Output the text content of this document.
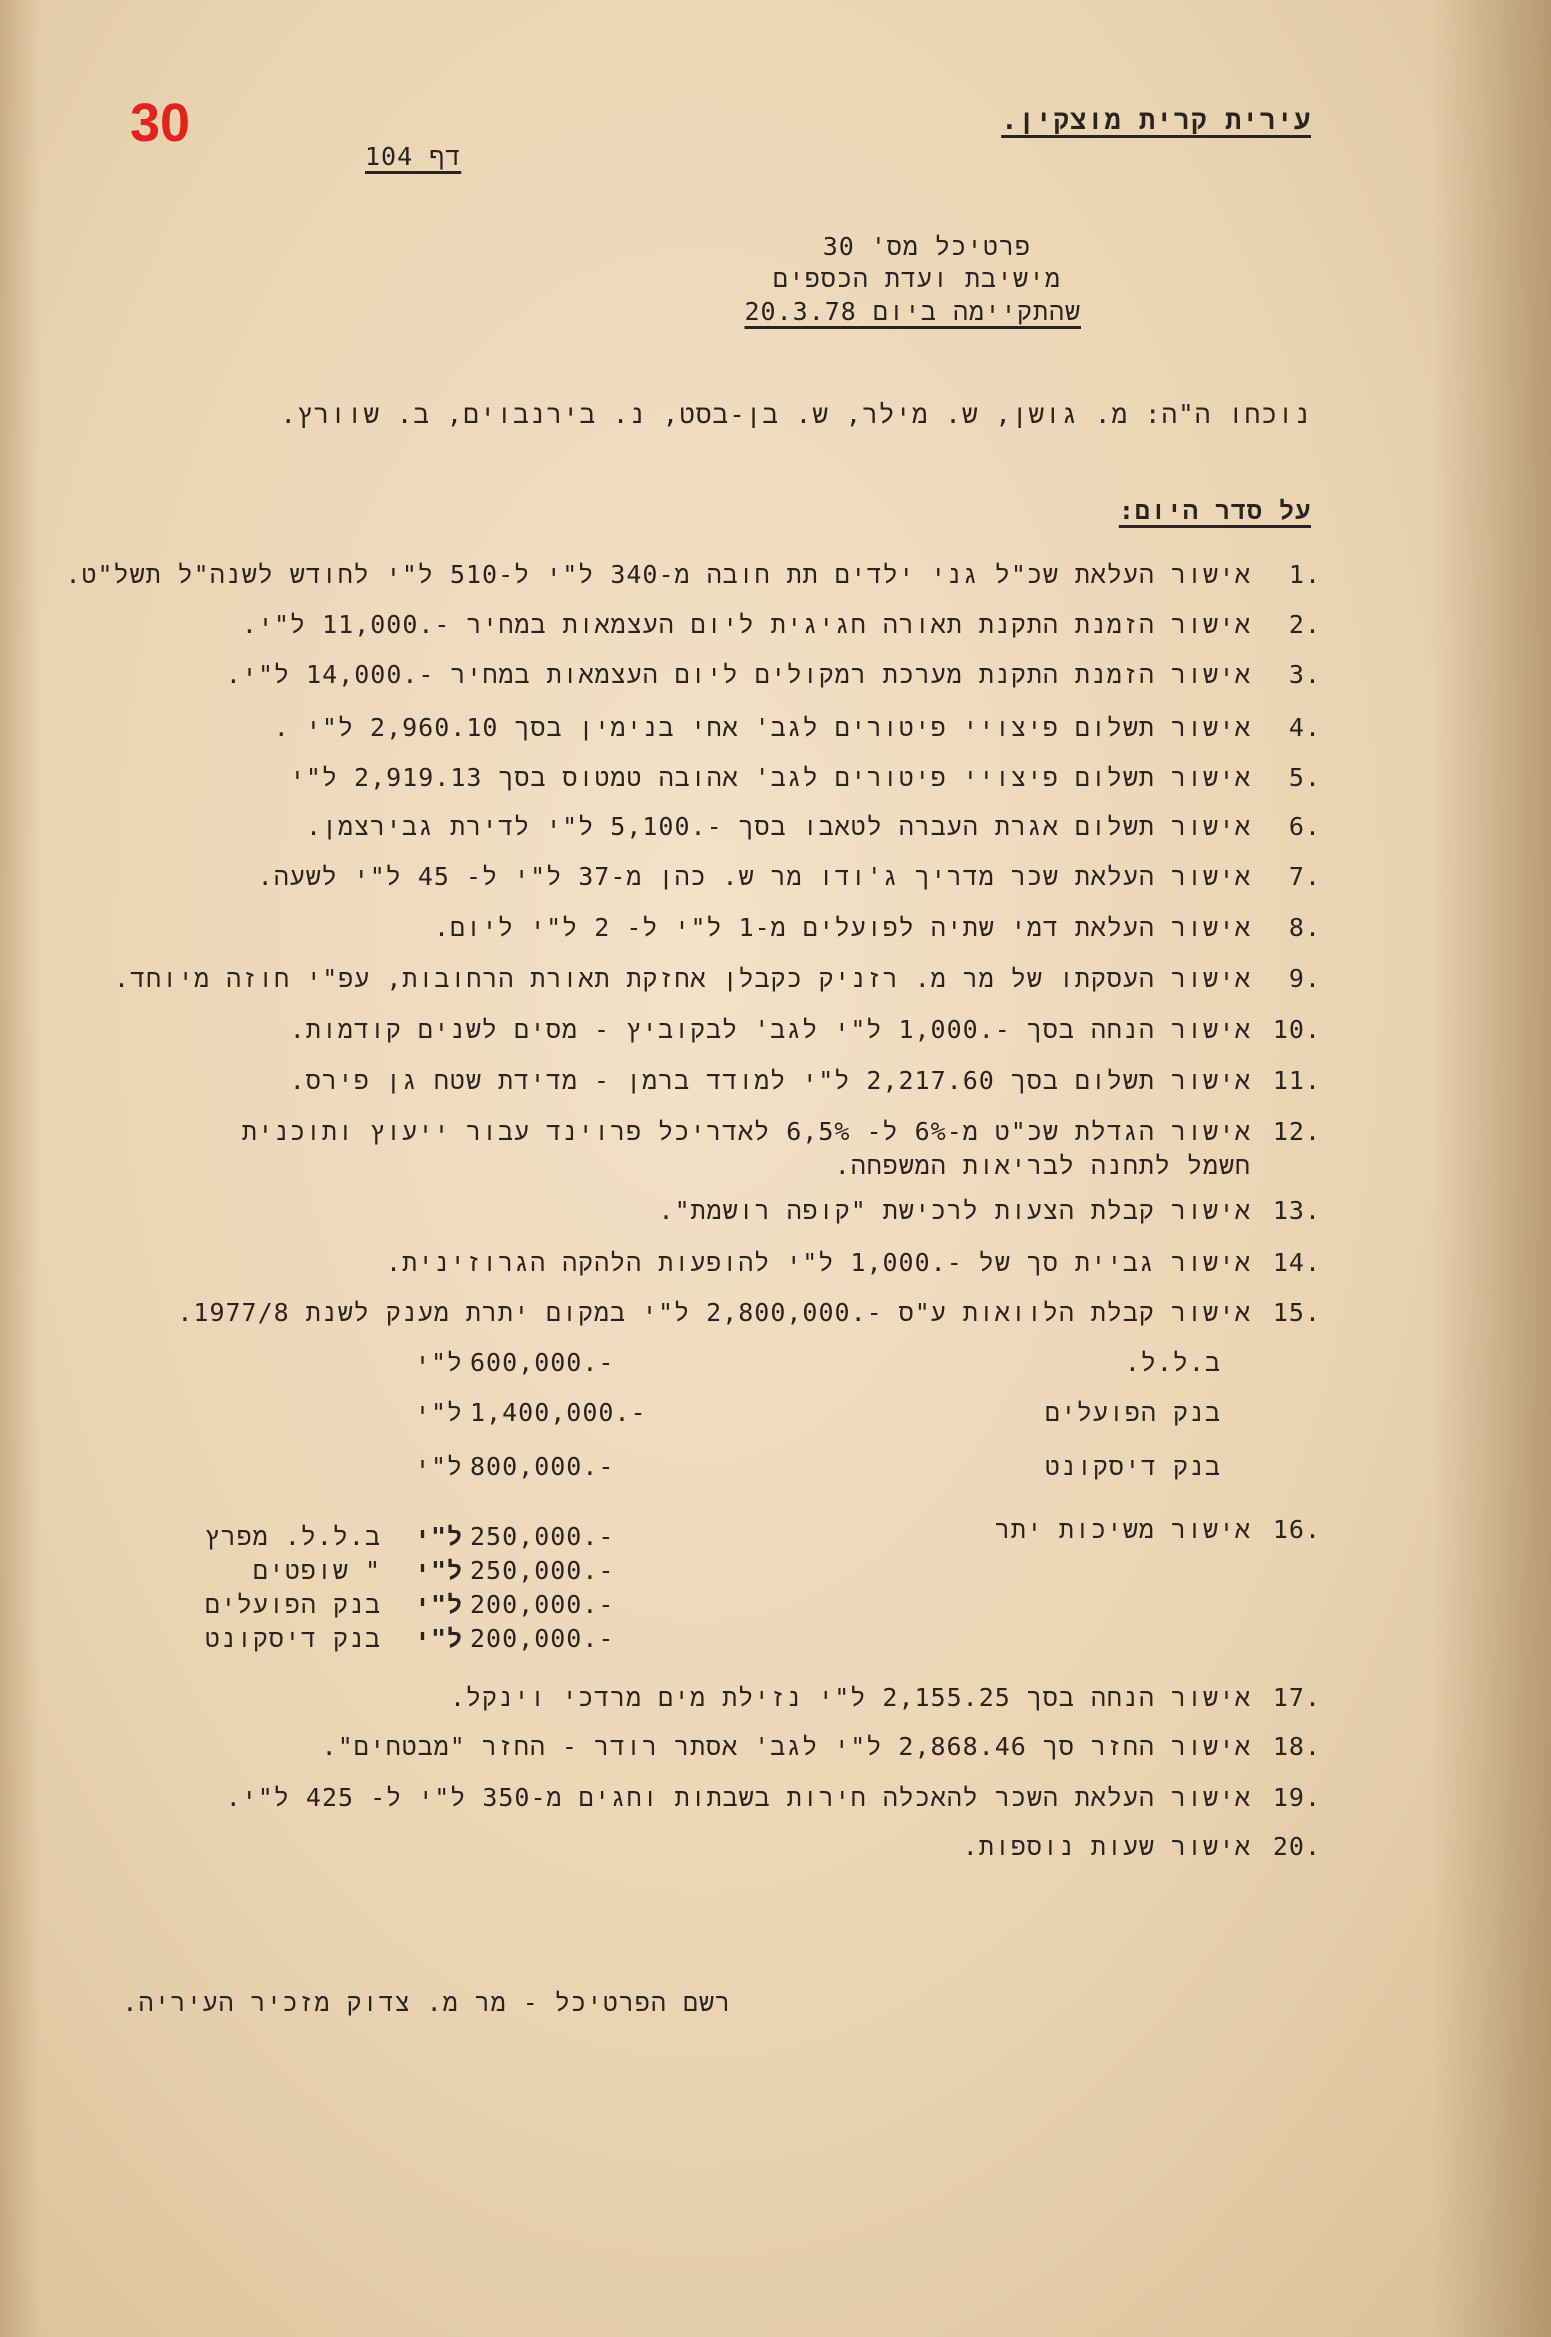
30	עירית קרית מוצקין.
דף 104
פרטיכל מס' 30
מישיבת ועדת הכספים
שהתקיימה ביום 20.3.78
נוכחו ה"ה: מ. גושן, ש. מילר, ש. בן-בסט, נ. בירנבוים, ב. שוורץ.
על סדר היום:
1.
אישור העלאת שכ"ל גני ילדים תת חובה מ-340 ל"י ל-510 ל"י לחודש לשנה"ל תשל"ט.
2.
אישור הזמנת התקנת תאורה חגיגית ליום העצמאות במחיר -.11,000 ל"י.
3.
אישור הזמנת התקנת מערכת רמקולים ליום העצמאות במחיר -.14,000 ל"י.
4.
אישור תשלום פיצויי פיטורים לגב' אחי בנימין בסך 2,960.10 ל"י .
5.
אישור תשלום פיצויי פיטורים לגב' אהובה טמטוס בסך 2,919.13 ל"י
6.
אישור תשלום אגרת העברה לטאבו בסך -.5,100 ל"י לדירת גבירצמן.
7.
אישור העלאת שכר מדריך ג'ודו מר ש. כהן מ-37 ל"י ל- 45 ל"י לשעה.
8.
אישור העלאת דמי שתיה לפועלים מ-1 ל"י ל- 2 ל"י ליום.
9.
אישור העסקתו של מר מ. רזניק כקבלן אחזקת תאורת הרחובות, עפ"י חוזה מיוחד.
10.
אישור הנחה בסך -.1,000 ל"י לגב' לבקוביץ - מסים לשנים קודמות.
11.
אישור תשלום בסך 2,217.60 ל"י למודד ברמן - מדידת שטח גן פירס.
12.
אישור הגדלת שכ"ט מ-6% ל- 6,5% לאדריכל פרוינד עבור ייעוץ ותוכנית
חשמל לתחנה לבריאות המשפחה.
13.
אישור קבלת הצעות לרכישת "קופה רושמת".
14.
אישור גביית סך של -.1,000 ל"י להופעות הלהקה הגרוזינית.
15.
אישור קבלת הלוואות ע"ס -.2,800,000 ל"י במקום יתרת מענק לשנת 1977/8.
ב.ל.ל.
600,000.-
ל"י
בנק הפועלים
1,400,000.-
ל"י
בנק דיסקונט
800,000.-
ל"י
16.
אישור משיכות יתר
250,000.-
ל"י
ב.ל.ל. מפרץ
250,000.-
ל"י
" שופטים
200,000.-
ל"י
בנק הפועלים
200,000.-
ל"י
בנק דיסקונט
17.
אישור הנחה בסך 2,155.25 ל"י נזילת מים מרדכי וינקל.
18.
אישור החזר סך 2,868.46 ל"י לגב' אסתר רודר - החזר "מבטחים".
19.
אישור העלאת השכר להאכלה חירות בשבתות וחגים מ-350 ל"י ל- 425 ל"י.
20.
אישור שעות נוספות.
רשם הפרטיכל - מר מ. צדוק מזכיר העיריה.
